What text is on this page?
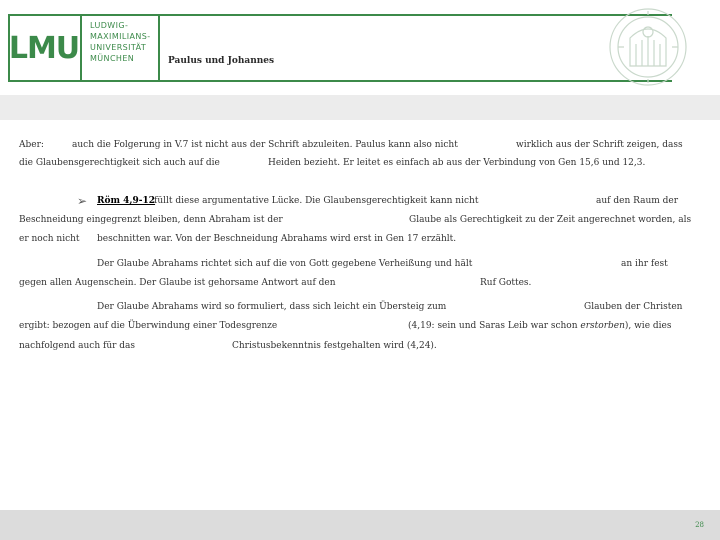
LMU
LUDWIG-
MAXIMILIANS-
UNIVERSITÄT
MÜNCHEN	Paulus und Johannes
Aber:	auch die Folgerung in V.7 ist nicht aus der Schrift abzuleiten. Paulus kann also nicht	wirklich aus der Schrift zeigen, dass
die Glaubensgerechtigkeit sich auch auf die	Heiden bezieht. Er leitet es einfach ab aus der Verbindung von Gen 15,6 und 12,3.
➢ Röm 4,9-12
füllt diese argumentative Lücke. Die Glaubensgerechtigkeit kann nicht	auf den Raum der
Beschneidung eingegrenzt bleiben, denn Abraham ist der	Glaube als Gerechtigkeit zu der Zeit angerechnet worden, als
er noch nicht beschnitten war. Von der Beschneidung Abrahams wird erst in Gen 17 erzählt.
Der Glaube Abrahams richtet sich auf die von Gott gegebene Verheißung und hält	an ihr fest
gegen allen Augenschein. Der Glaube ist gehorsame Antwort auf den	Ruf Gottes.
Der Glaube Abrahams wird so formuliert, dass sich leicht ein Übersteig zum	Glauben der Christen
ergibt: bezogen auf die Überwindung einer Todesgrenze	(4,19: sein und Saras Leib war schon erstorben), wie dies
nachfolgend auch für das	Christusbekenntnis festgehalten wird (4,24).
28
